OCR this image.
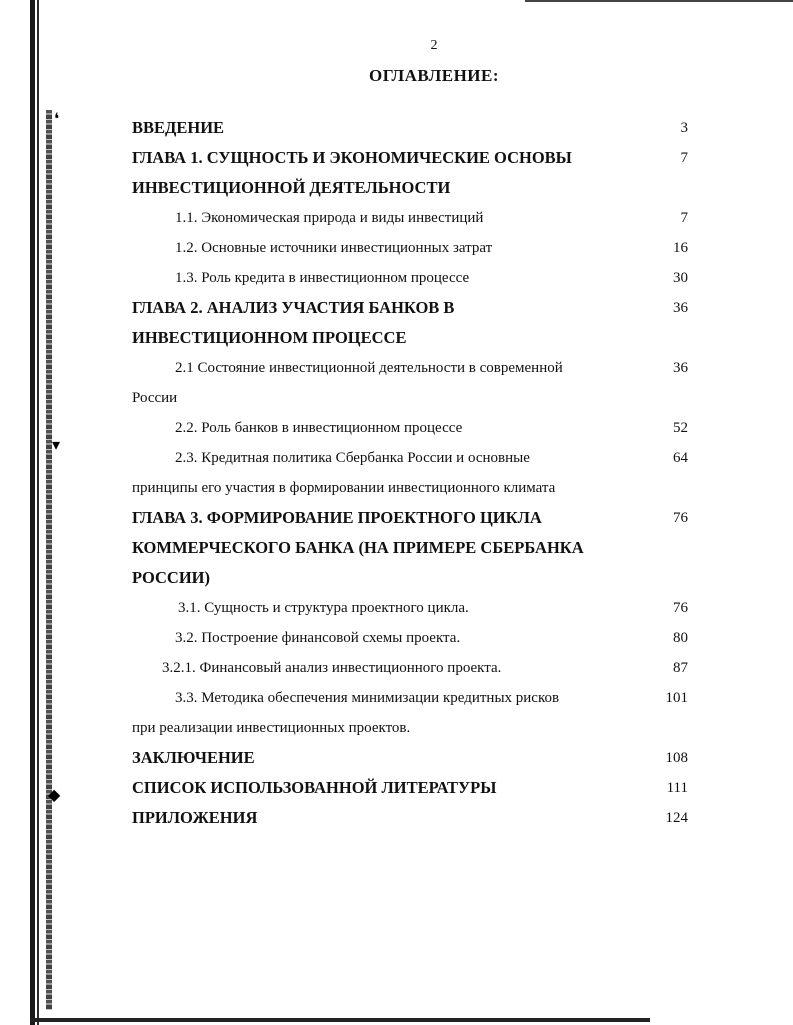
❛
▾
◆
2
ОГЛАВЛЕНИЕ:
ВВЕДЕНИЕ	3
ГЛАВА 1. СУЩНОСТЬ И ЭКОНОМИЧЕСКИЕ ОСНОВЫ	7
ИНВЕСТИЦИОННОЙ ДЕЯТЕЛЬНОСТИ
1.1. Экономическая природа и виды инвестиций	7
1.2. Основные источники инвестиционных затрат	16
1.3. Роль кредита в инвестиционном процессе	30
ГЛАВА 2. АНАЛИЗ УЧАСТИЯ БАНКОВ В	36
ИНВЕСТИЦИОННОМ ПРОЦЕССЕ
2.1 Состояние инвестиционной деятельности в современной	36
России
2.2. Роль банков в инвестиционном процессе	52
2.3. Кредитная политика Сбербанка России и основные	64
принципы его участия в формировании инвестиционного климата
ГЛАВА 3. ФОРМИРОВАНИЕ ПРОЕКТНОГО ЦИКЛА	76
КОММЕРЧЕСКОГО БАНКА (НА ПРИМЕРЕ СБЕРБАНКА
РОССИИ)
3.1. Сущность и структура проектного цикла.	76
3.2. Построение финансовой схемы проекта.	80
3.2.1. Финансовый анализ инвестиционного проекта.	87
3.3. Методика обеспечения минимизации кредитных рисков	101
при реализации инвестиционных проектов.
ЗАКЛЮЧЕНИЕ	108
СПИСОК ИСПОЛЬЗОВАННОЙ ЛИТЕРАТУРЫ	111
ПРИЛОЖЕНИЯ	124
